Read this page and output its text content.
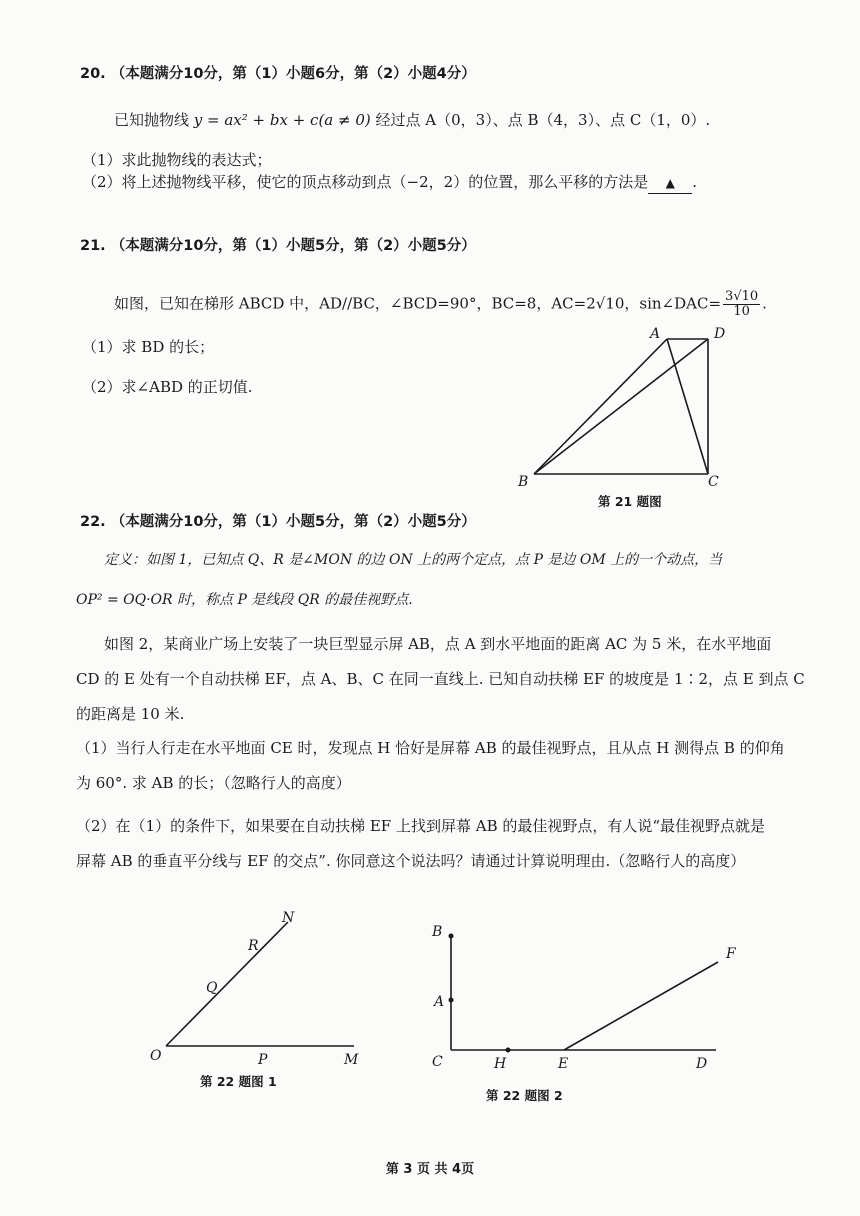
20. （本题满分10分，第（1）小题6分，第（2）小题4分）
已知抛物线 y = ax² + bx + c(a ≠ 0) 经过点 A（0，3）、点 B（4，3）、点 C（1，0）.
（1）求此抛物线的表达式；
（2）将上述抛物线平移，使它的顶点移动到点（−2，2）的位置，那么平移的方法是 ▲ .
21. （本题满分10分，第（1）小题5分，第（2）小题5分）
如图，已知在梯形 ABCD 中，AD//BC，∠BCD=90°，BC=8，AC=2√10，sin∠DAC= $\frac{3√10}{10}$ .
（1）求 BD 的长；
（2）求∠ABD 的正切值.
A	D
B	C
第 21 题图
22. （本题满分10分，第（1）小题5分，第（2）小题5分）
定义：如图 1，已知点 Q、R 是∠MON 的边 ON 上的两个定点，点 P 是边 OM 上的一个动点，当
OP² = OQ·OR 时，称点 P 是线段 QR 的最佳视野点.
如图 2，某商业广场上安装了一块巨型显示屏 AB，点 A 到水平地面的距离 AC 为 5 米，在水平地面
CD 的 E 处有一个自动扶梯 EF，点 A、B、C 在同一直线上. 已知自动扶梯 EF 的坡度是 1∶2，点 E 到点 C
的距离是 10 米.
（1）当行人行走在水平地面 CE 时，发现点 H 恰好是屏幕 AB 的最佳视野点，且从点 H 测得点 B 的仰角
为 60°. 求 AB 的长；（忽略行人的高度）
（2）在（1）的条件下，如果要在自动扶梯 EF 上找到屏幕 AB 的最佳视野点，有人说“最佳视野点就是
屏幕 AB 的垂直平分线与 EF 的交点”. 你同意这个说法吗？请通过计算说明理由.（忽略行人的高度）
N
R
Q
O	P	M
第 22 题图 1
B
A
C	H	E	D
F
第 22 题图 2
第 3 页 共 4页
